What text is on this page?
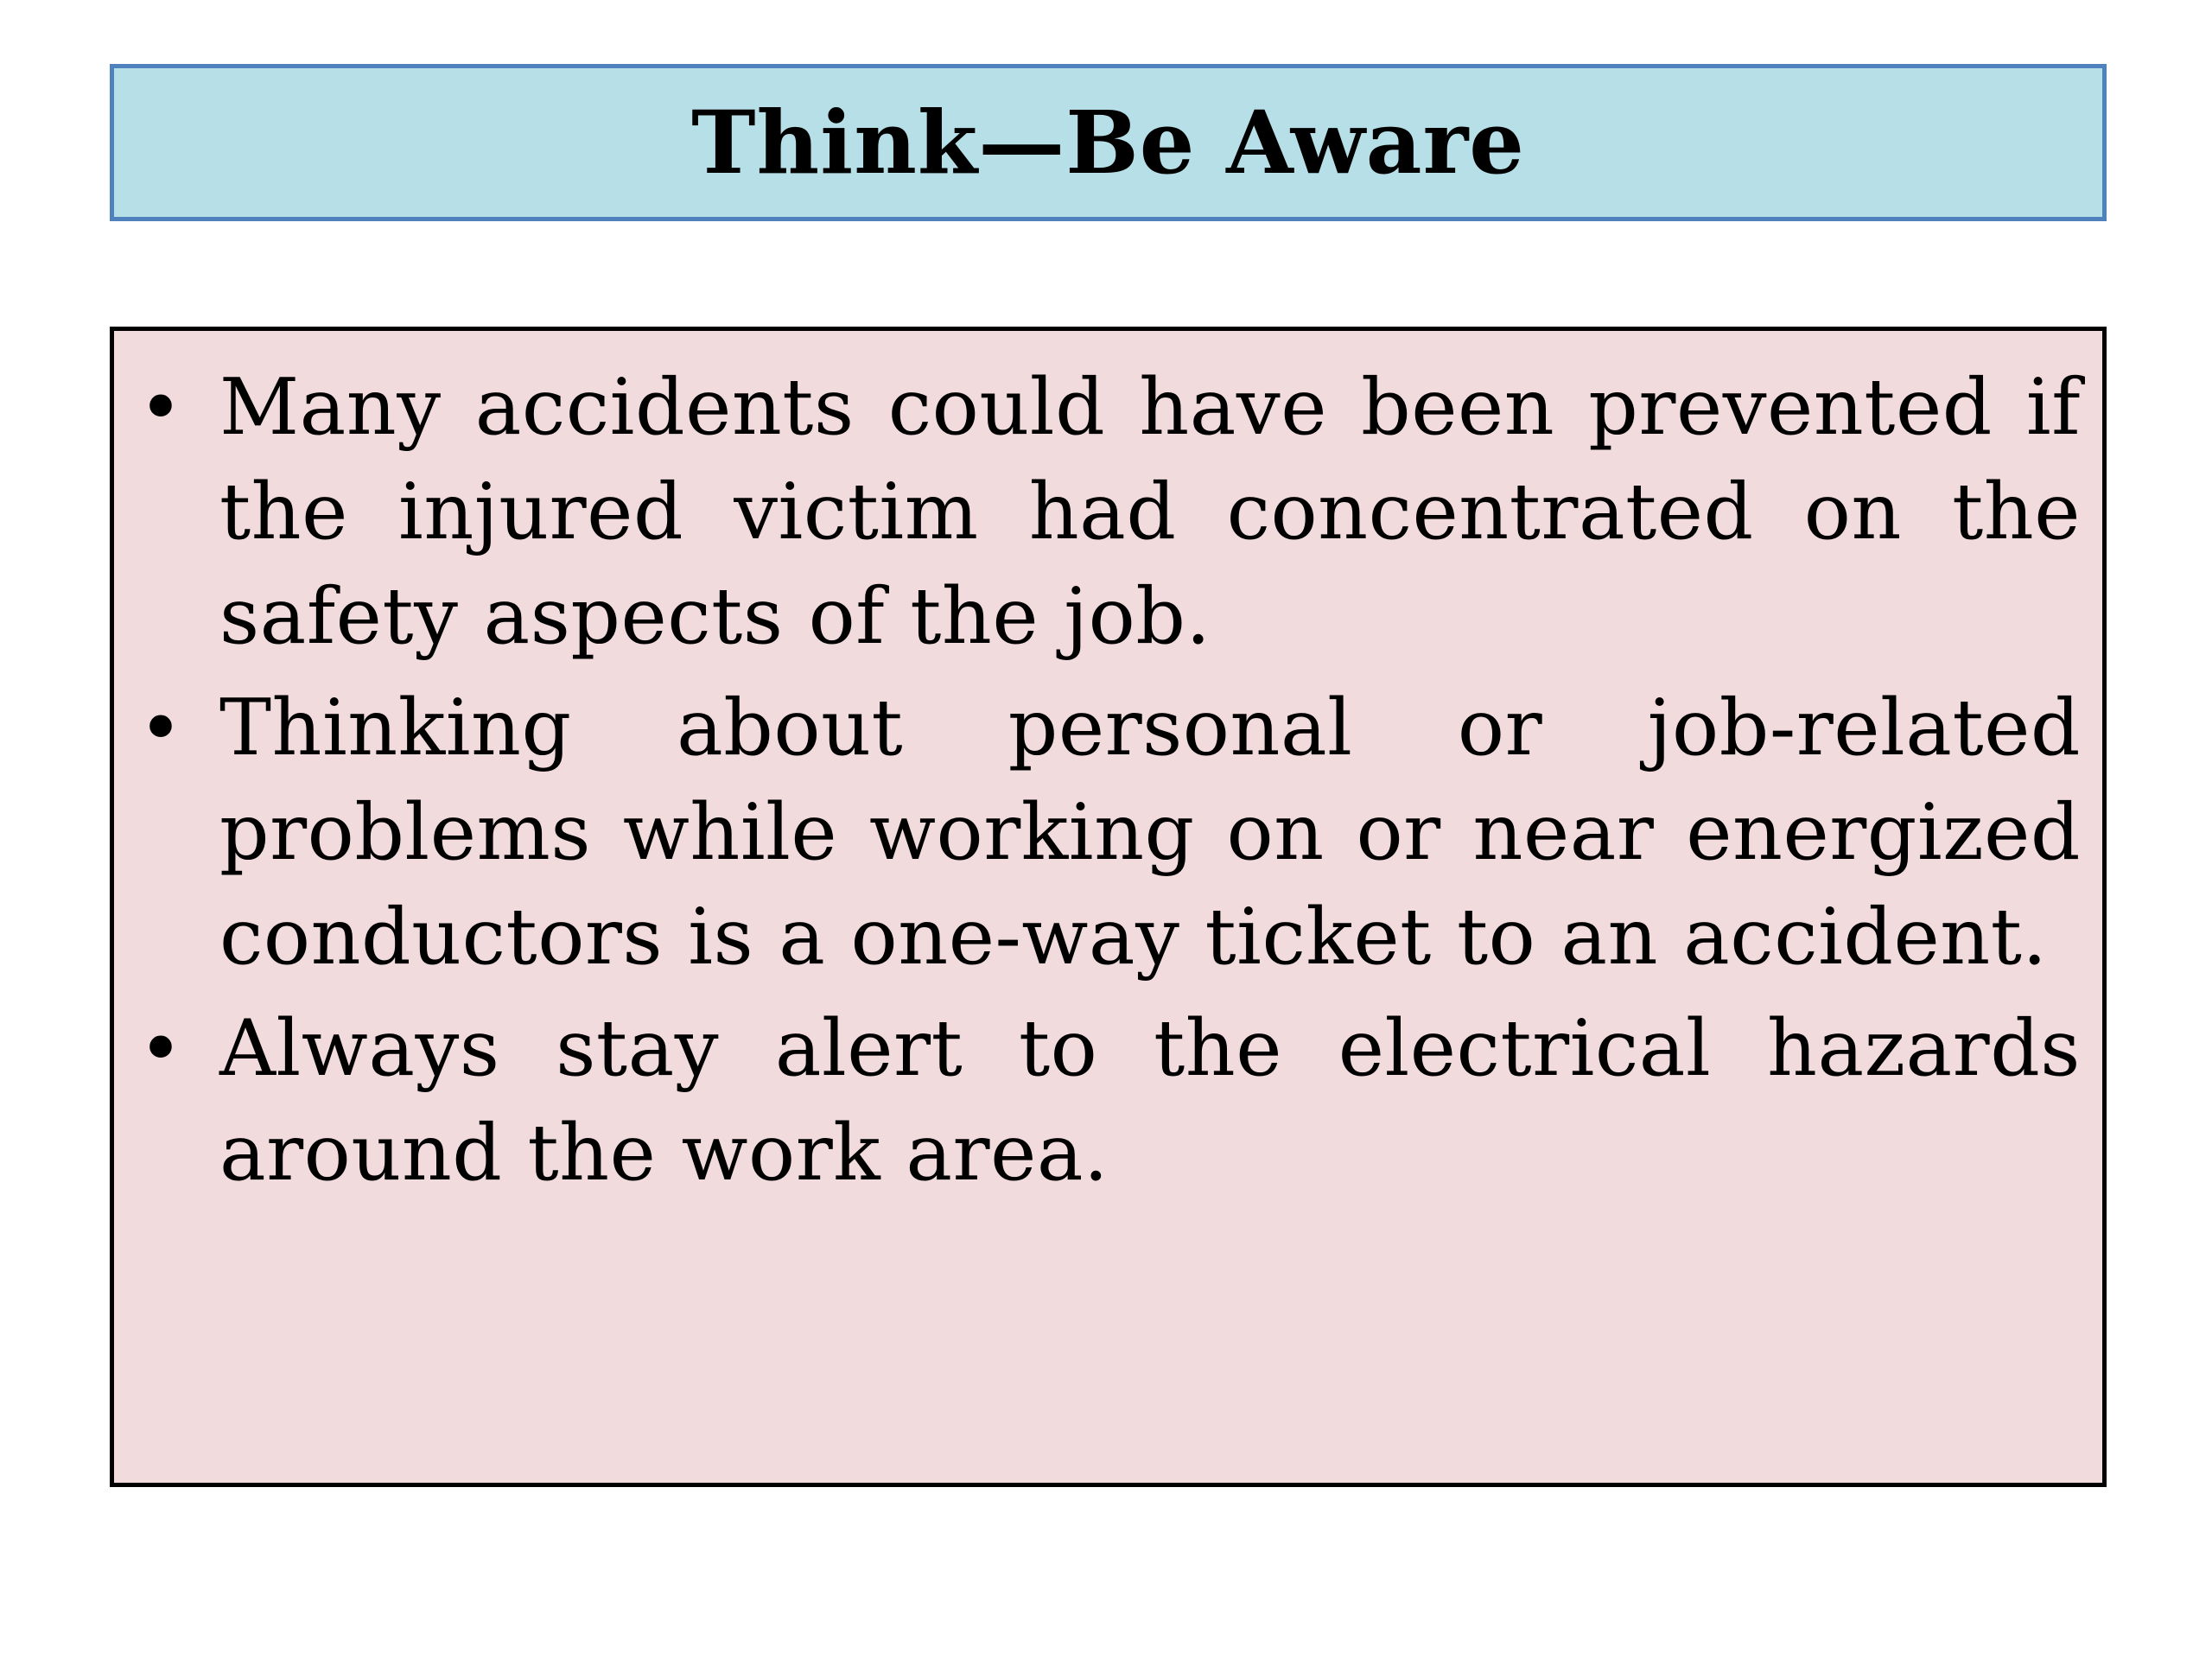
Think—Be Aware
• Many accidents could have been prevented if the injured victim had concentrated on the safety aspects of the job.
• Thinking about personal or job-related problems while working on or near energized conductors is a one-way ticket to an accident.
• Always stay alert to the electrical hazards around the work area.
